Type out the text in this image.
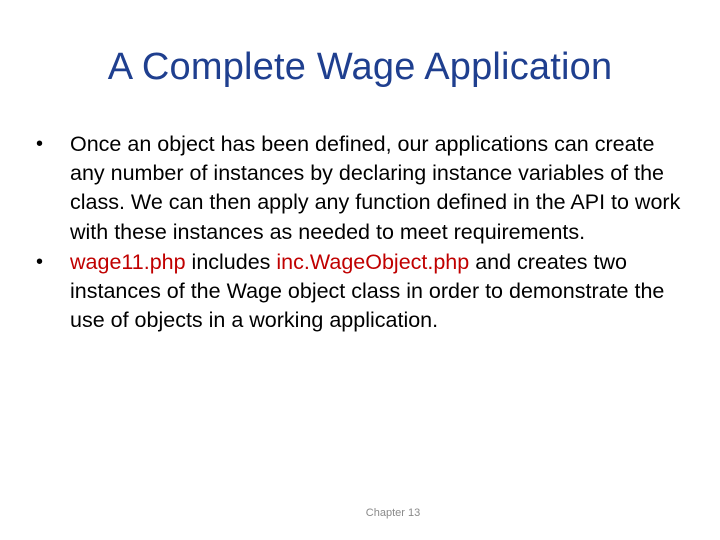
A Complete Wage Application
•	Once an object has been defined, our applications can create any number of instances by declaring instance variables of the class. We can then apply any function defined in the API to work with these instances as needed to meet requirements.
•	wage11.php includes inc.WageObject.php and creates two instances of the Wage object class in order to demonstrate the use of objects in a working application.
Chapter 13
